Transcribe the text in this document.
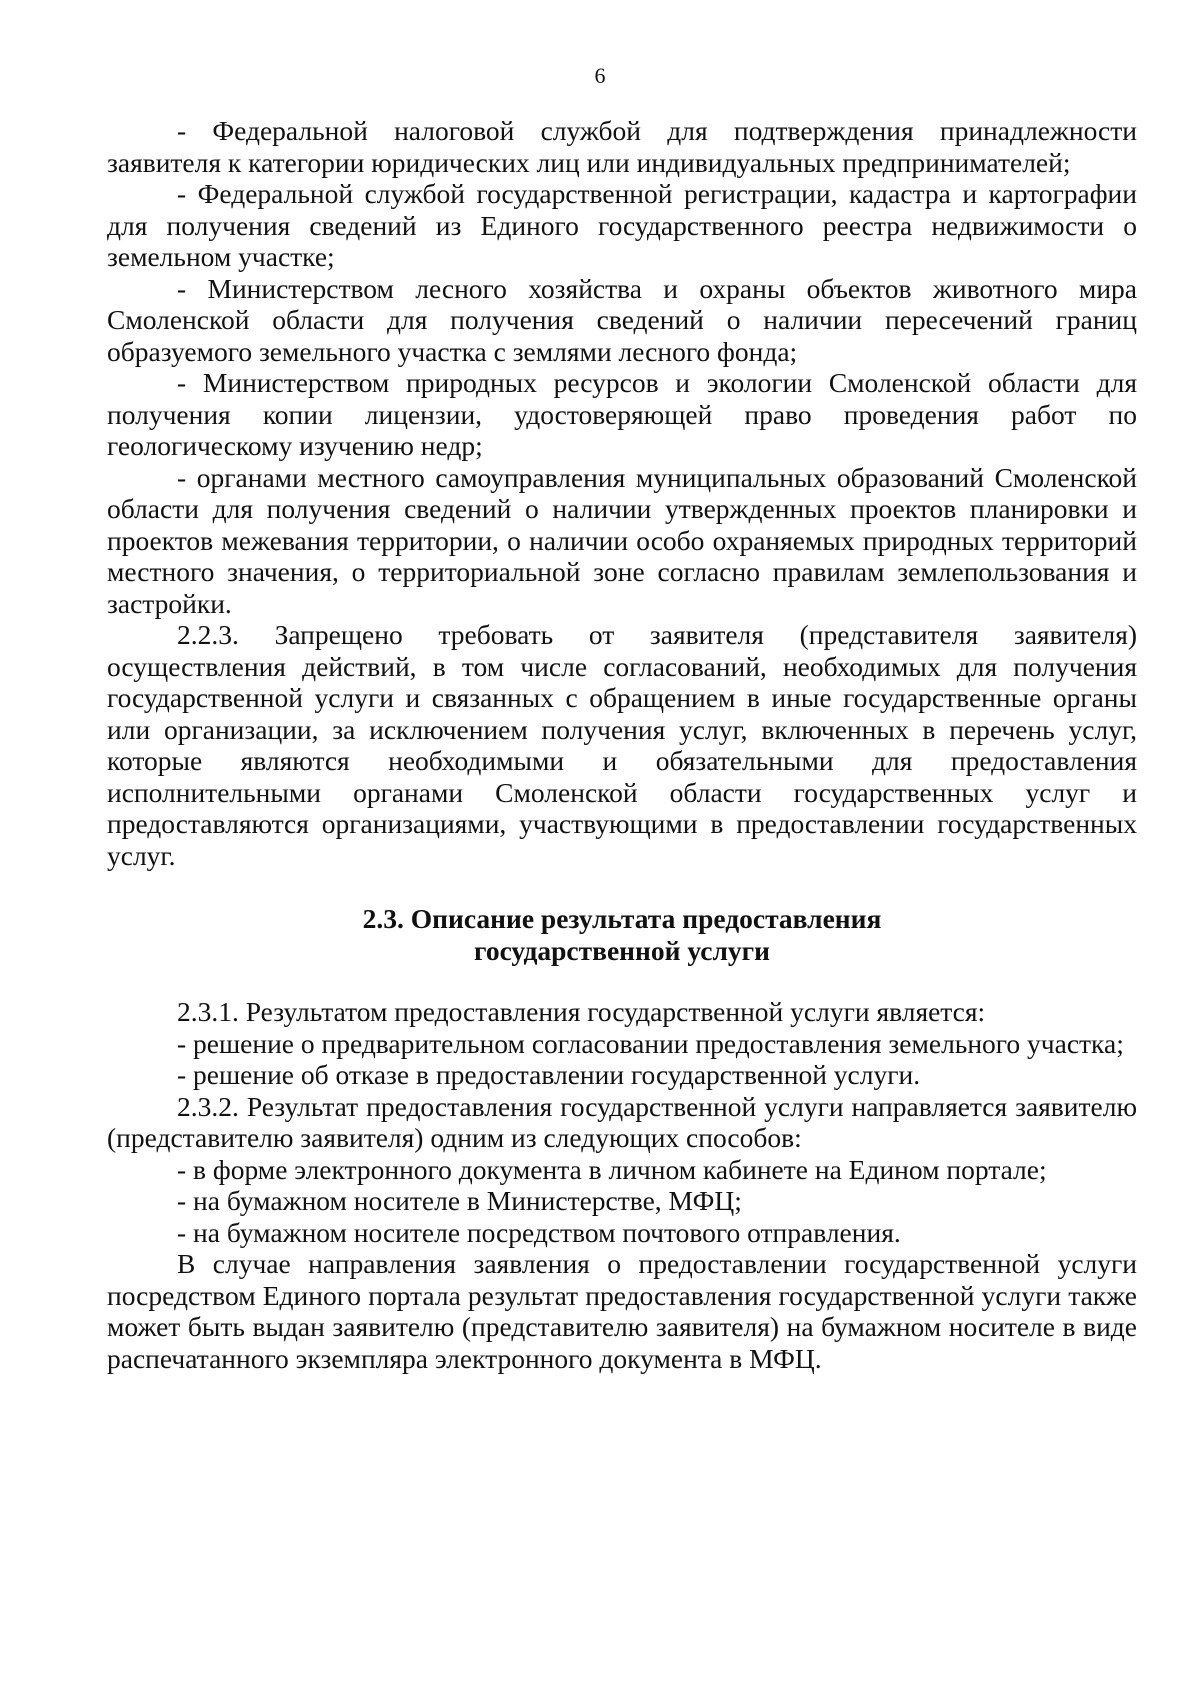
6

- Федеральной налоговой службой для подтверждения принадлежности заявителя к категории юридических лиц или индивидуальных предпринимателей;

- Федеральной службой государственной регистрации, кадастра и картографии для получения сведений из Единого государственного реестра недвижимости о земельном участке;

- Министерством лесного хозяйства и охраны объектов животного мира Смоленской области для получения сведений о наличии пересечений границ образуемого земельного участка с землями лесного фонда;

- Министерством природных ресурсов и экологии Смоленской области для получения копии лицензии, удостоверяющей право проведения работ по геологическому изучению недр;

- органами местного самоуправления муниципальных образований Смоленской области для получения сведений о наличии утвержденных проектов планировки и проектов межевания территории, о наличии особо охраняемых природных территорий местного значения, о территориальной зоне согласно правилам землепользования и застройки.

2.2.3. Запрещено требовать от заявителя (представителя заявителя) осуществления действий, в том числе согласований, необходимых для получения государственной услуги и связанных с обращением в иные государственные органы или организации, за исключением получения услуг, включенных в перечень услуг, которые являются необходимыми и обязательными для предоставления исполнительными органами Смоленской области государственных услуг и предоставляются организациями, участвующими в предоставлении государственных услуг.

2.3. Описание результата предоставления

государственной услуги

2.3.1. Результатом предоставления государственной услуги является:

- решение о предварительном согласовании предоставления земельного участка;

- решение об отказе в предоставлении государственной услуги.

2.3.2. Результат предоставления государственной услуги направляется заявителю (представителю заявителя) одним из следующих способов:

- в форме электронного документа в личном кабинете на Едином портале;

- на бумажном носителе в Министерстве, МФЦ;

- на бумажном носителе посредством почтового отправления.

В случае направления заявления о предоставлении государственной услуги посредством Единого портала результат предоставления государственной услуги также может быть выдан заявителю (представителю заявителя) на бумажном носителе в виде распечатанного экземпляра электронного документа в МФЦ.
